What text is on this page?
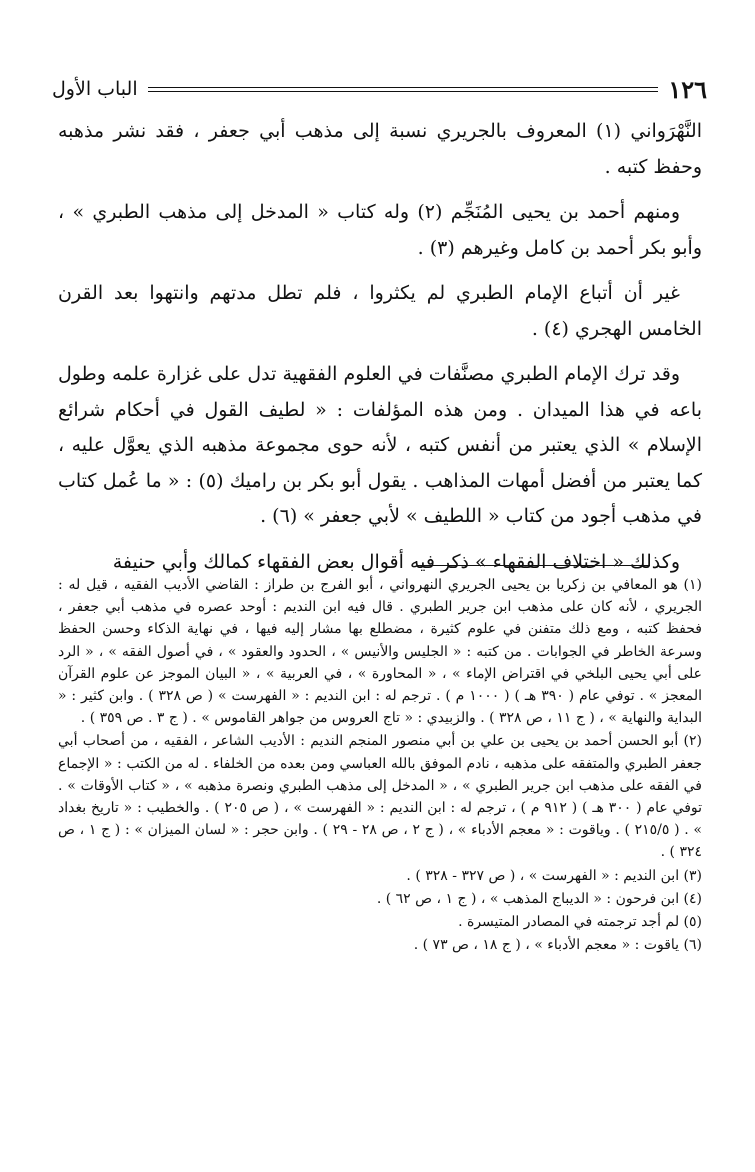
١٢٦
الباب الأول

النَّهْرَواني (١) المعروف بالجريري نسبة إلى مذهب أبي جعفر ، فقد نشر مذهبه وحفظ كتبه .

ومنهم أحمد بن يحيى المُنَجِّم (٢) وله كتاب « المدخل إلى مذهب الطبري » ، وأبو بكر أحمد بن كامل وغيرهم (٣) .

غير أن أتباع الإمام الطبري لم يكثروا ، فلم تطل مدتهم وانتهوا بعد القرن الخامس الهجري (٤) .

وقد ترك الإمام الطبري مصنَّفات في العلوم الفقهية تدل على غزارة علمه وطول باعه في هذا الميدان . ومن هذه المؤلفات : « لطيف القول في أحكام شرائع الإسلام » الذي يعتبر من أنفس كتبه ، لأنه حوى مجموعة مذهبه الذي يعوَّل عليه ، كما يعتبر من أفضل أمهات المذاهب . يقول أبو بكر بن راميك (٥) : « ما عُمل كتاب في مذهب أجود من كتاب « اللطيف » لأبي جعفر » (٦) .

وكذلك « اختلاف الفقهاء » ذكر فيه أقوال بعض الفقهاء كمالك وأبي حنيفة

(١) هو المعافي بن زكريا بن يحيى الجريري النهرواني ، أبو الفرج بن طراز : القاضي الأديب الفقيه ، قيل له : الجريري ، لأنه كان على مذهب ابن جرير الطبري . قال فيه ابن النديم : أوحد عصره في مذهب أبي جعفر ، فحفظ كتبه ، ومع ذلك متفنن في علوم كثيرة ، مضطلع بها مشار إليه فيها ، في نهاية الذكاء وحسن الحفظ وسرعة الخاطر في الجوابات . من كتبه : « الجليس والأنيس » ، الحدود والعقود » ، في أصول الفقه » ، « الرد على أبي يحيى البلخي في اقتراض الإماء » ، « المحاورة » ، في العربية » ، « البيان الموجز عن علوم القرآن المعجز » . توفي عام ( ٣٩٠ هـ ) ( ١٠٠٠ م ) . ترجم له : ابن النديم : « الفهرست » ( ص ٣٢٨ ) . وابن كثير : « البداية والنهاية » ، ( ج ١١ ، ص ٣٢٨ ) . والزبيدي : « تاج العروس من جواهر القاموس » . ( ج ٣ . ص ٣٥٩ ) .
(٢) أبو الحسن أحمد بن يحيى بن علي بن أبي منصور المنجم النديم : الأديب الشاعر ، الفقيه ، من أصحاب أبي جعفر الطبري والمتفقه على مذهبه ، نادم الموفق بالله العباسي ومن بعده من الخلفاء . له من الكتب : « الإجماع في الفقه على مذهب ابن جرير الطبري » ، « المدخل إلى مذهب الطبري ونصرة مذهبه » ، « كتاب الأوقات » . توفي عام ( ٣٠٠ هـ ) ( ٩١٢ م ) ، ترجم له : ابن النديم : « الفهرست » ، ( ص ٢٠٥ ) . والخطيب : « تاريخ بغداد » . ( ٢١٥/٥ ) . وياقوت : « معجم الأدباء » ، ( ج ٢ ، ص ٢٨ - ٢٩ ) . وابن حجر : « لسان الميزان » : ( ج ١ ، ص ٣٢٤ ) .
(٣) ابن النديم : « الفهرست » ، ( ص ٣٢٧ - ٣٢٨ ) .
(٤) ابن فرحون : « الديباج المذهب » ، ( ج ١ ، ص ٦٢ ) .
(٥) لم أجد ترجمته في المصادر المتيسرة .
(٦) ياقوت : « معجم الأدباء » ، ( ج ١٨ ، ص ٧٣ ) .
